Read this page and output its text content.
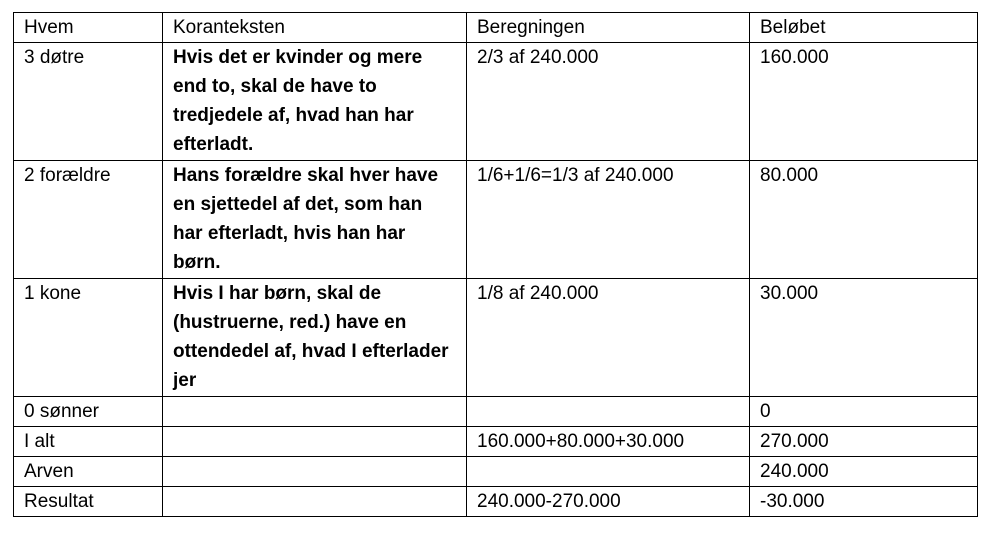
Hvem	Koranteksten	Beregningen	Beløbet
3 døtre	Hvis det er kvinder og mere end to, skal de have to tredjedele af, hvad han har efterladt.	2/3 af 240.000	160.000
2 forældre	Hans forældre skal hver have en sjettedel af det, som han har efterladt, hvis han har børn.	1/6+1/6=1/3 af 240.000	80.000
1 kone	Hvis I har børn, skal de (hustruerne, red.) have en ottendedel af, hvad I efterlader jer	1/8 af 240.000	30.000
0 sønner			0
I alt		160.000+80.000+30.000	270.000
Arven			240.000
Resultat		240.000-270.000	-30.000
